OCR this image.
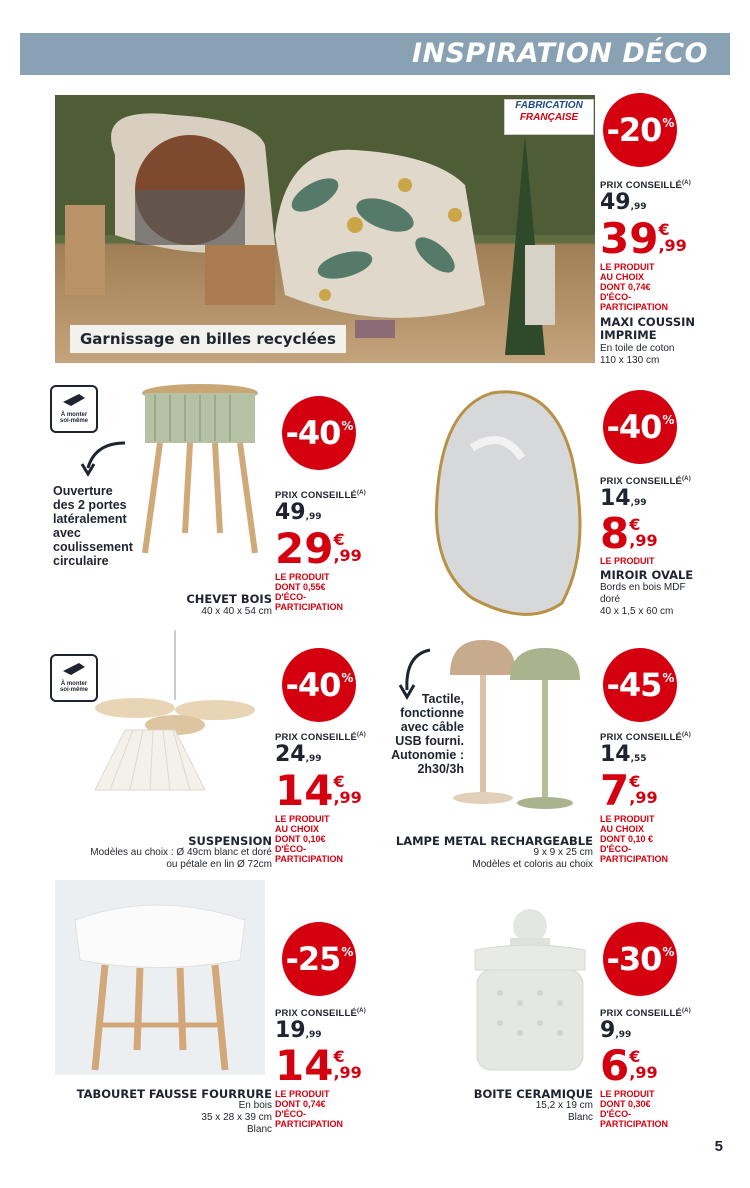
INSPIRATION DÉCO
FABRICATION
FRANÇAISE
Garnissage en billes recyclées
-20%
PRIX $CONSEILLÉ^{(A)}$
49,99
39 €
,99
LE PRODUIT
AU CHOIX
DONT 0,74€
D'ÉCO-
PARTICIPATION
MAXI COUSSIN
IMPRIME
En toile de coton
110 x 130 cm
À monter
soi-même
Ouverture
des 2 portes
latéralement
avec
coulissement
circulaire
-40%
PRIX $CONSEILLÉ^{(A)}$
49,99
29 €
,99
LE PRODUIT
DONT 0,55€
D'ÉCO-
PARTICIPATION
CHEVET BOIS
40 x 40 x 54 cm
-40%
PRIX $CONSEILLÉ^{(A)}$
14,99
8 €
,99
LE PRODUIT
MIROIR OVALE
Bords en bois MDF
doré
40 x 1,5 x 60 cm
À monter
soi-même	-40%
PRIX $CONSEILLÉ^{(A)}$
24,99
14 €
,99
LE PRODUIT
AU CHOIX
DONT 0,10€
D'ÉCO-
PARTICIPATION
SUSPENSION
Modèles au choix : Ø 49cm blanc et doré
ou pétale en lin Ø 72cm
Tactile,
fonctionne
avec câble
USB fourni.
Autonomie :
2h30/3h
-45%
PRIX $CONSEILLÉ^{(A)}$
14,55
7 €
,99
LE PRODUIT
AU CHOIX
DONT 0,10 €
D'ÉCO-
PARTICIPATION
LAMPE METAL RECHARGEABLE
9 x 9 x 25 cm
Modèles et coloris au choix
-25%
PRIX $CONSEILLÉ^{(A)}$
19,99
14 €
,99
LE PRODUIT
DONT 0,74€
D'ÉCO-
PARTICIPATION
TABOURET FAUSSE FOURRURE
En bois
35 x 28 x 39 cm
Blanc
-30%
PRIX $CONSEILLÉ^{(A)}$
9,99
6 €
,99
LE PRODUIT
DONT 0,30€
D'ÉCO-
PARTICIPATION
BOITE CERAMIQUE
15,2 x 19 cm
Blanc
5
